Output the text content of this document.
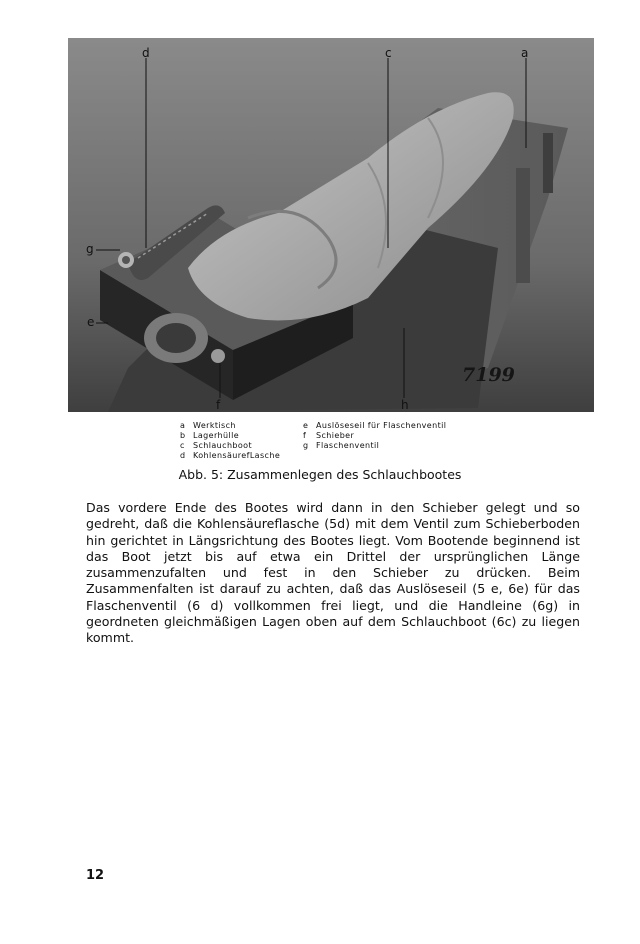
d	c	a
g
e
f	h
7199
a Werktisch
b Lagerhülle
c Schlauchboot
d KohlensäurefLasche
e Auslöseseil für Flaschenventil
f Schieber
g Flaschenventil
Abb. 5: Zusammenlegen des Schlauchbootes

Das vordere Ende des Bootes wird dann in den Schieber gelegt und so gedreht, daß die Kohlensäureflasche (5d) mit dem Ventil zum Schieberboden hin gerichtet in Längsrichtung des Bootes liegt. Vom Bootende beginnend ist das Boot jetzt bis auf etwa ein Drittel der ursprünglichen Länge zusammenzufalten und fest in den Schieber zu drücken. Beim Zusammenfalten ist darauf zu achten, daß das Auslöseseil (5 e, 6e) für das Flaschenventil (6 d) vollkommen frei liegt, und die Handleine (6g) in geordneten gleichmäßigen Lagen oben auf dem Schlauchboot (6c) zu liegen kommt.

12
